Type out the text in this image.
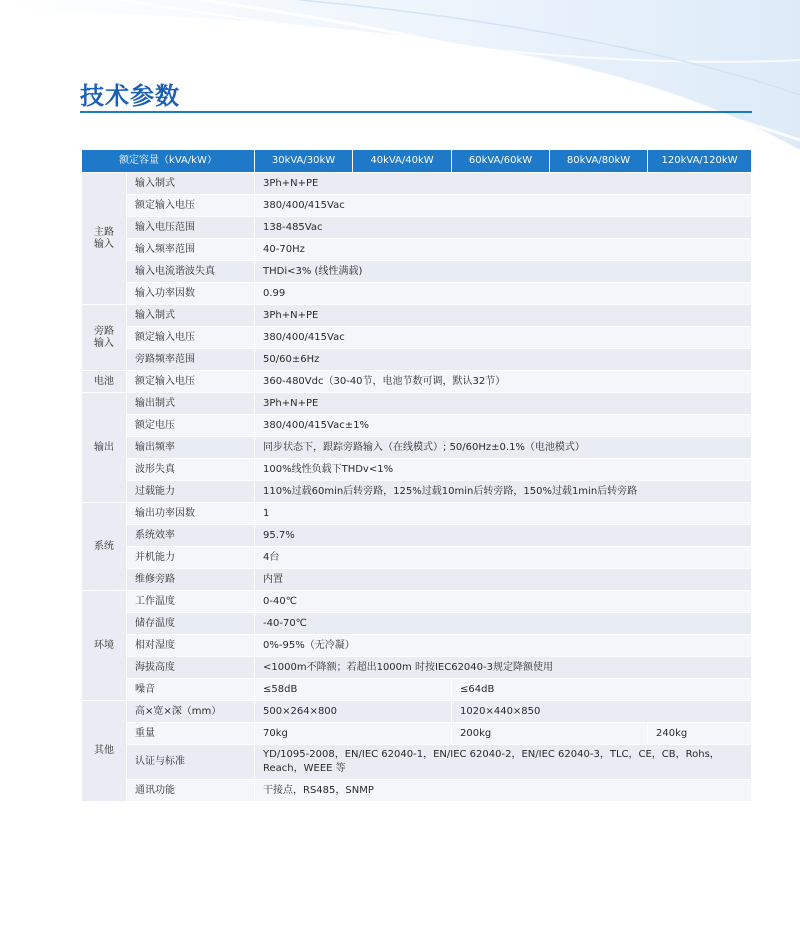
技术参数
额定容量（kVA/kW）		30kVA/30kW	40kVA/40kW	60kVA/60kW	80kVA/80kW	120kVA/120kW
主路
输入	输入制式	3Ph+N+PE				
	额定输入电压	380/400/415Vac				
	输入电压范围	138-485Vac				
	输入频率范围	40-70Hz				
	输入电流谐波失真	THDi<3% (线性满载)				
	输入功率因数	0.99				
旁路
输入	输入制式	3Ph+N+PE				
	额定输入电压	380/400/415Vac				
	旁路频率范围	50/60±6Hz				
电池	额定输入电压	360-480Vdc（30-40节，电池节数可调，默认32节）				
输出	输出制式	3Ph+N+PE				
	额定电压	380/400/415Vac±1%				
	输出频率	同步状态下，跟踪旁路输入（在线模式）; 50/60Hz±0.1%（电池模式）				
	波形失真	100%线性负载下THDv<1%				
	过载能力	110%过载60min后转旁路，125%过载10min后转旁路，150%过载1min后转旁路				
系统	输出功率因数	1				
	系统效率	95.7%				
	并机能力	4台				
	维修旁路	内置				
环境	工作温度	0-40℃				
	储存温度	-40-70℃				
	相对湿度	0%-95%（无冷凝）				
	海拔高度	<1000m不降额；若超出1000m 时按IEC62040-3规定降额使用				
	噪音	≤58dB		≤64dB		
其他	高×宽×深（mm）	500×264×800		1020×440×850		
	重量	70kg		200kg		240kg
	认证与标准	YD/1095-2008，EN/IEC 62040-1，EN/IEC 62040-2，EN/IEC 62040-3，TLC，CE，CB，Rohs，Reach，WEEE 等				
	通讯功能	干接点，RS485，SNMP				
